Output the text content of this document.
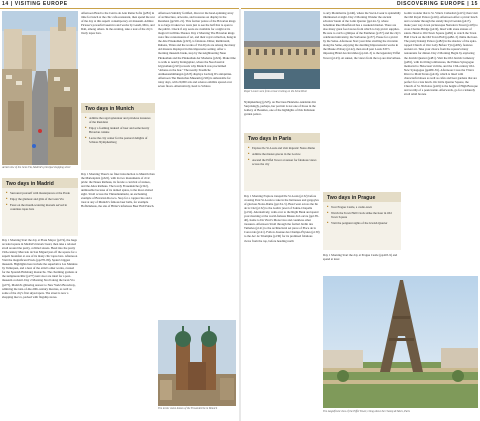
14 | VISITING EUROPE	DISCOVERING EUROPE | 15
Aerial view of the Gran Vía, Madrid's principal shopping street
Two days in Madrid
■ Surround yourself with masterpieces at the Prado
■ Enjoy the glamour and glitz of the Gran Vía
■ Feast on the mouth-watering morsels served in countless tapas bars
Day 1 Morning Start the day at Plaza Mayor (p274), the huge arcaded square in Madrid's historic heart, then take a relaxed stroll around the pretty, cobbled streets. Head into the pretty 19th-century Mercado de San Miguel just off the square for a superb breakfast at one of its many chic tapas bars. Afternoon Visit the magnificent Prado (pp278–80), Spain's biggest museum. Highlights here include the superlative Las Meninas by Velázquez, and a host of the artist's other works, created for the Spanish Habsburg monarchs. The charming gardens at the sumptuous Ritz (p277) next door are ideal for a post-museum cocktail. Day 2 Morning Stroll along the Gran Vía (p275), Madrid's glittering answer to New York's Broadway, admiring the turn-of-the-20th-century theatres, as well as some of the city's first skyscrapers. The street is now a shopping mecca, packed with flagship stores.
Afternoon Head to the Centro de Arte Reina Sofía (p281) in time for lunch at the chic café-restaurant, then spend the rest of the day at this superb contemporary art museum. Admire Picasso's powerful Guernica and works by Gaudí, Miró, and Dalí, among others. In the evening, take a tour of the city's lively tapas bars.
Two days in Munich
■ Admire the regal splendour and priceless treasures of the Residenz
■ Enjoy a foaming tankard of beer and some hearty Bavarian cuisine
■ Leave the city center for the pastoral delights of Schloss Nymphenburg
Day 1 Morning There's no finer introduction to Munich than the Marienplatz (p322), with its two monuments of civic pride: the Neues Rathaus, its facade a carnival of statues, and the Altes Rathaus. The lovely Frauenkirche (p322), unmissable because of its domed spires, is the most-visited sight. Stroll across the Viktualienmarkt, an enchanting example of Bavarian Rococo. Stop for a cappuccino and a treat at any of Munich's famous beer halls, for example Hofbräuhaus, the site of Hitler's infamous Beer Hall Putsch.
Afternoon Suitably fortified, discover the head-spinning array of architecture, artworks, and treasures on display in the Residenz (pp320–21). This former palace of the Bavarian kings is so large it takes two tours just to see the half that is open to the public. Check if any seats are available for a night at its magical Cuvilliés-Theater. Day 2 Morning The Bavarian kings were fine connoisseurs of art, and their royal collection, hung in the Alte Pinakothek (p323), is fabulous. Dürer, Rembrandt, Rubens, Titian and the works of Van Dyck are among the many old masters displayed in this impressive setting. After a morning museum break, stop by the neighbouring Neue Pinakothek and the Pinakothek der Moderne (p324). Make time to walk to nearby Königsplatz, where the Neoclassical Glyptothek (p323) reveals why Munich was proclaimed "Athens on the Isar." The nearby Staatliche Antikensammlungen (p323) displays Ludwig II's antiquities. Afternoon The Deutsches Museum (p326) is unbeatable for rainy days, with 20,000 arts and science exhibits spread over seven floors. Alternatively, head to Schloss
The iconic onion domes of the Frauenkirche in Munich
Paper Louvre seen from a boat cruising on the Seine River
Nymphenburg (p325), an Electress Henriette-Adelaide did. Surprisingly, perhaps, her portrait is not one of those in the Gallery of Beauties, one of the highlights of this Italianate garden palace.
Two days in Paris
■ Explore Ile St-Louis and visit majestic Notre-Dame
■ Admire the master-pieces in the Louvre
■ Ascend the Eiffel Tower at sunset for fabulous views across the city
Day 1 Morning Explore tranquil Ile St-Louis (p132) before crossing Pont St-Louis to take in the buttresses and gargoyles of glorious Notre-Dame (pp134–5). Head west across the Ile de la Cité (p132) to the Gothic jewel of Sainte-Chapelle (p132). Alternatively, walk over to the Right Bank and spend your morning at the world-famous Musée du Louvre (pp138–40), home to Da Vinci's Mona Lisa and countless other treasures. Afternoon Stroll through the formal Jardin des Tuileries (p141) to the architectural set piece of Place de la Concorde (p141). Follow Avenue des Champs-Élysées (p130) to the Arc de Triomphe (p130) for its promised fabulous views from the top, before heading north
to arty Montmartre (p146), where the Sacré-Coeur is splendidly illuminated at night. Day 2 Morning Wander the ancient scholars' haunt of the Latin Quarter (pp144–5), where bohemian Rue Mouffetard has a weekend market. There are also many great food stores from which to buy picnic supplies. Be sure to catch a glimpse of the Panthéon (p137) and the city's celebrated university, the Sorbonne (p137). Pause for a picnic by the Seine. Afternoon Start your time strolling the riverside along the Seine, enjoying the dazzling Impressionist works in the Musée d'Orsay (p142), then stroll past Louis XIV's imposing Hôtel des Invalides (pp142–3) to the legendary Eiffel Tower (p143). At sunset, the views from the top are marvellous.
Two days in Prague
■ Tour Prague Castle, a castle-town
■ Watch the Town Hall Clock strike the hour in Old Town Square
■ Visit the poignant sights of the Jewish Quarter
Day 1 Morning Start the day at Prague Castle (pp418–9) and spend at least
Gothic wonder that is St. Vitus's Cathedral (p415); then visit the Old Royal Palace (p416). Afternoon After a picnic lunch and a wander through the stately Royal Garden (p417), make your way down picturesque Nerudova Street (p418) to cross Charles Bridge (p419), lined with stone statues of saints. Head to Old Town Square (p482) to watch the Town Hall Clock on the Old Town Hall (pp482–3) chime the hour. The pretty Kinský Palace (p482) in the shadow of the spire-topped Church of Our Lady Before Týn (p482), features ancient art. Take your choice from the square's many restaurants for dinner. Day 2 Morning Begin by exploring the Jewish Quarter (p481). Visit the Old Jewish Cemetery (p481), with its tilting tombstones, the Pinkas Synagogue memorial to Holocaust victims, and the 13th-century Old-New Synagogue (pp480–81). Afternoon Cross the Vltava River to Malá Strana (p416), which is lined with characterful shoes as well as cafés and beer gardens that are perfect for a late lunch. On Little Quarter Square, the Church of St. Nicholas (p419) is the height of High Baroque and worthy of a peek inside. Afterwards, go for a leisurely stroll amid bronze
The magnificent view of the Eiffel Tower, rising above the Champ de Mars, Paris
